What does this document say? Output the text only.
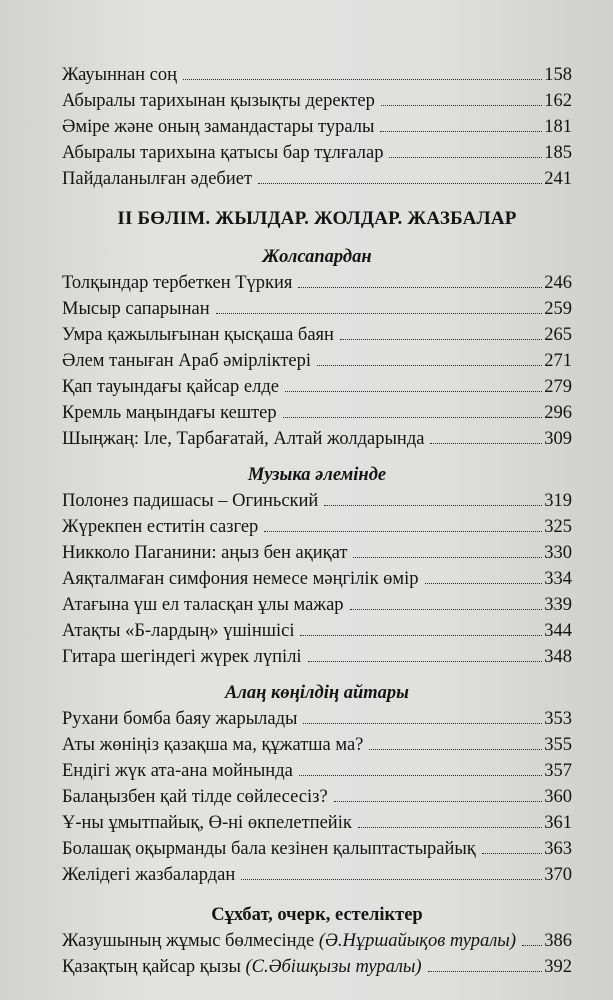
Жауыннан соң	158
Абыралы тарихынан қызықты деректер	162
Әміре және оның замандастары туралы	181
Абыралы тарихына қатысы бар тұлғалар	185
Пайдаланылған әдебиет	241
II БӨЛІМ. ЖЫЛДАР. ЖОЛДАР. ЖАЗБАЛАР
Жолсапардан
Толқындар тербеткен Түркия	246
Мысыр сапарынан	259
Умра қажылығынан қысқаша баян	265
Әлем таныған Араб әмірліктері	271
Қап тауындағы қайсар елде	279
Кремль маңындағы кештер	296
Шыңжаң: Іле, Тарбағатай, Алтай жолдарында	309
Музыка әлемінде
Полонез падишасы – Огиньский	319
Жүрекпен еститін сазгер	325
Никколо Паганини: аңыз бен ақиқат	330
Аяқталмаған симфония немесе мәңгілік өмір	334
Атағына үш ел таласқан ұлы мажар	339
Атақты «Б-лардың» үшіншісі	344
Гитара шегіндегі жүрек лүпілі	348
Алаң көңілдің айтары
Рухани бомба баяу жарылады	353
Аты жөніңіз қазақша ма, құжатша ма?	355
Ендігі жүк ата-ана мойнында	357
Балаңызбен қай тілде сөйлесесіз?	360
Ұ-ны ұмытпайық, Ө-ні өкпелетпейік	361
Болашақ оқырманды бала кезінен қалыптастырайық	363
Желідегі жазбалардан	370
Сұхбат, очерк, естеліктер
Жазушының жұмыс бөлмесінде (Ә.Нұршайықов туралы) 386
Қазақтың қайсар қызы (С.Әбішқызы туралы)	392
